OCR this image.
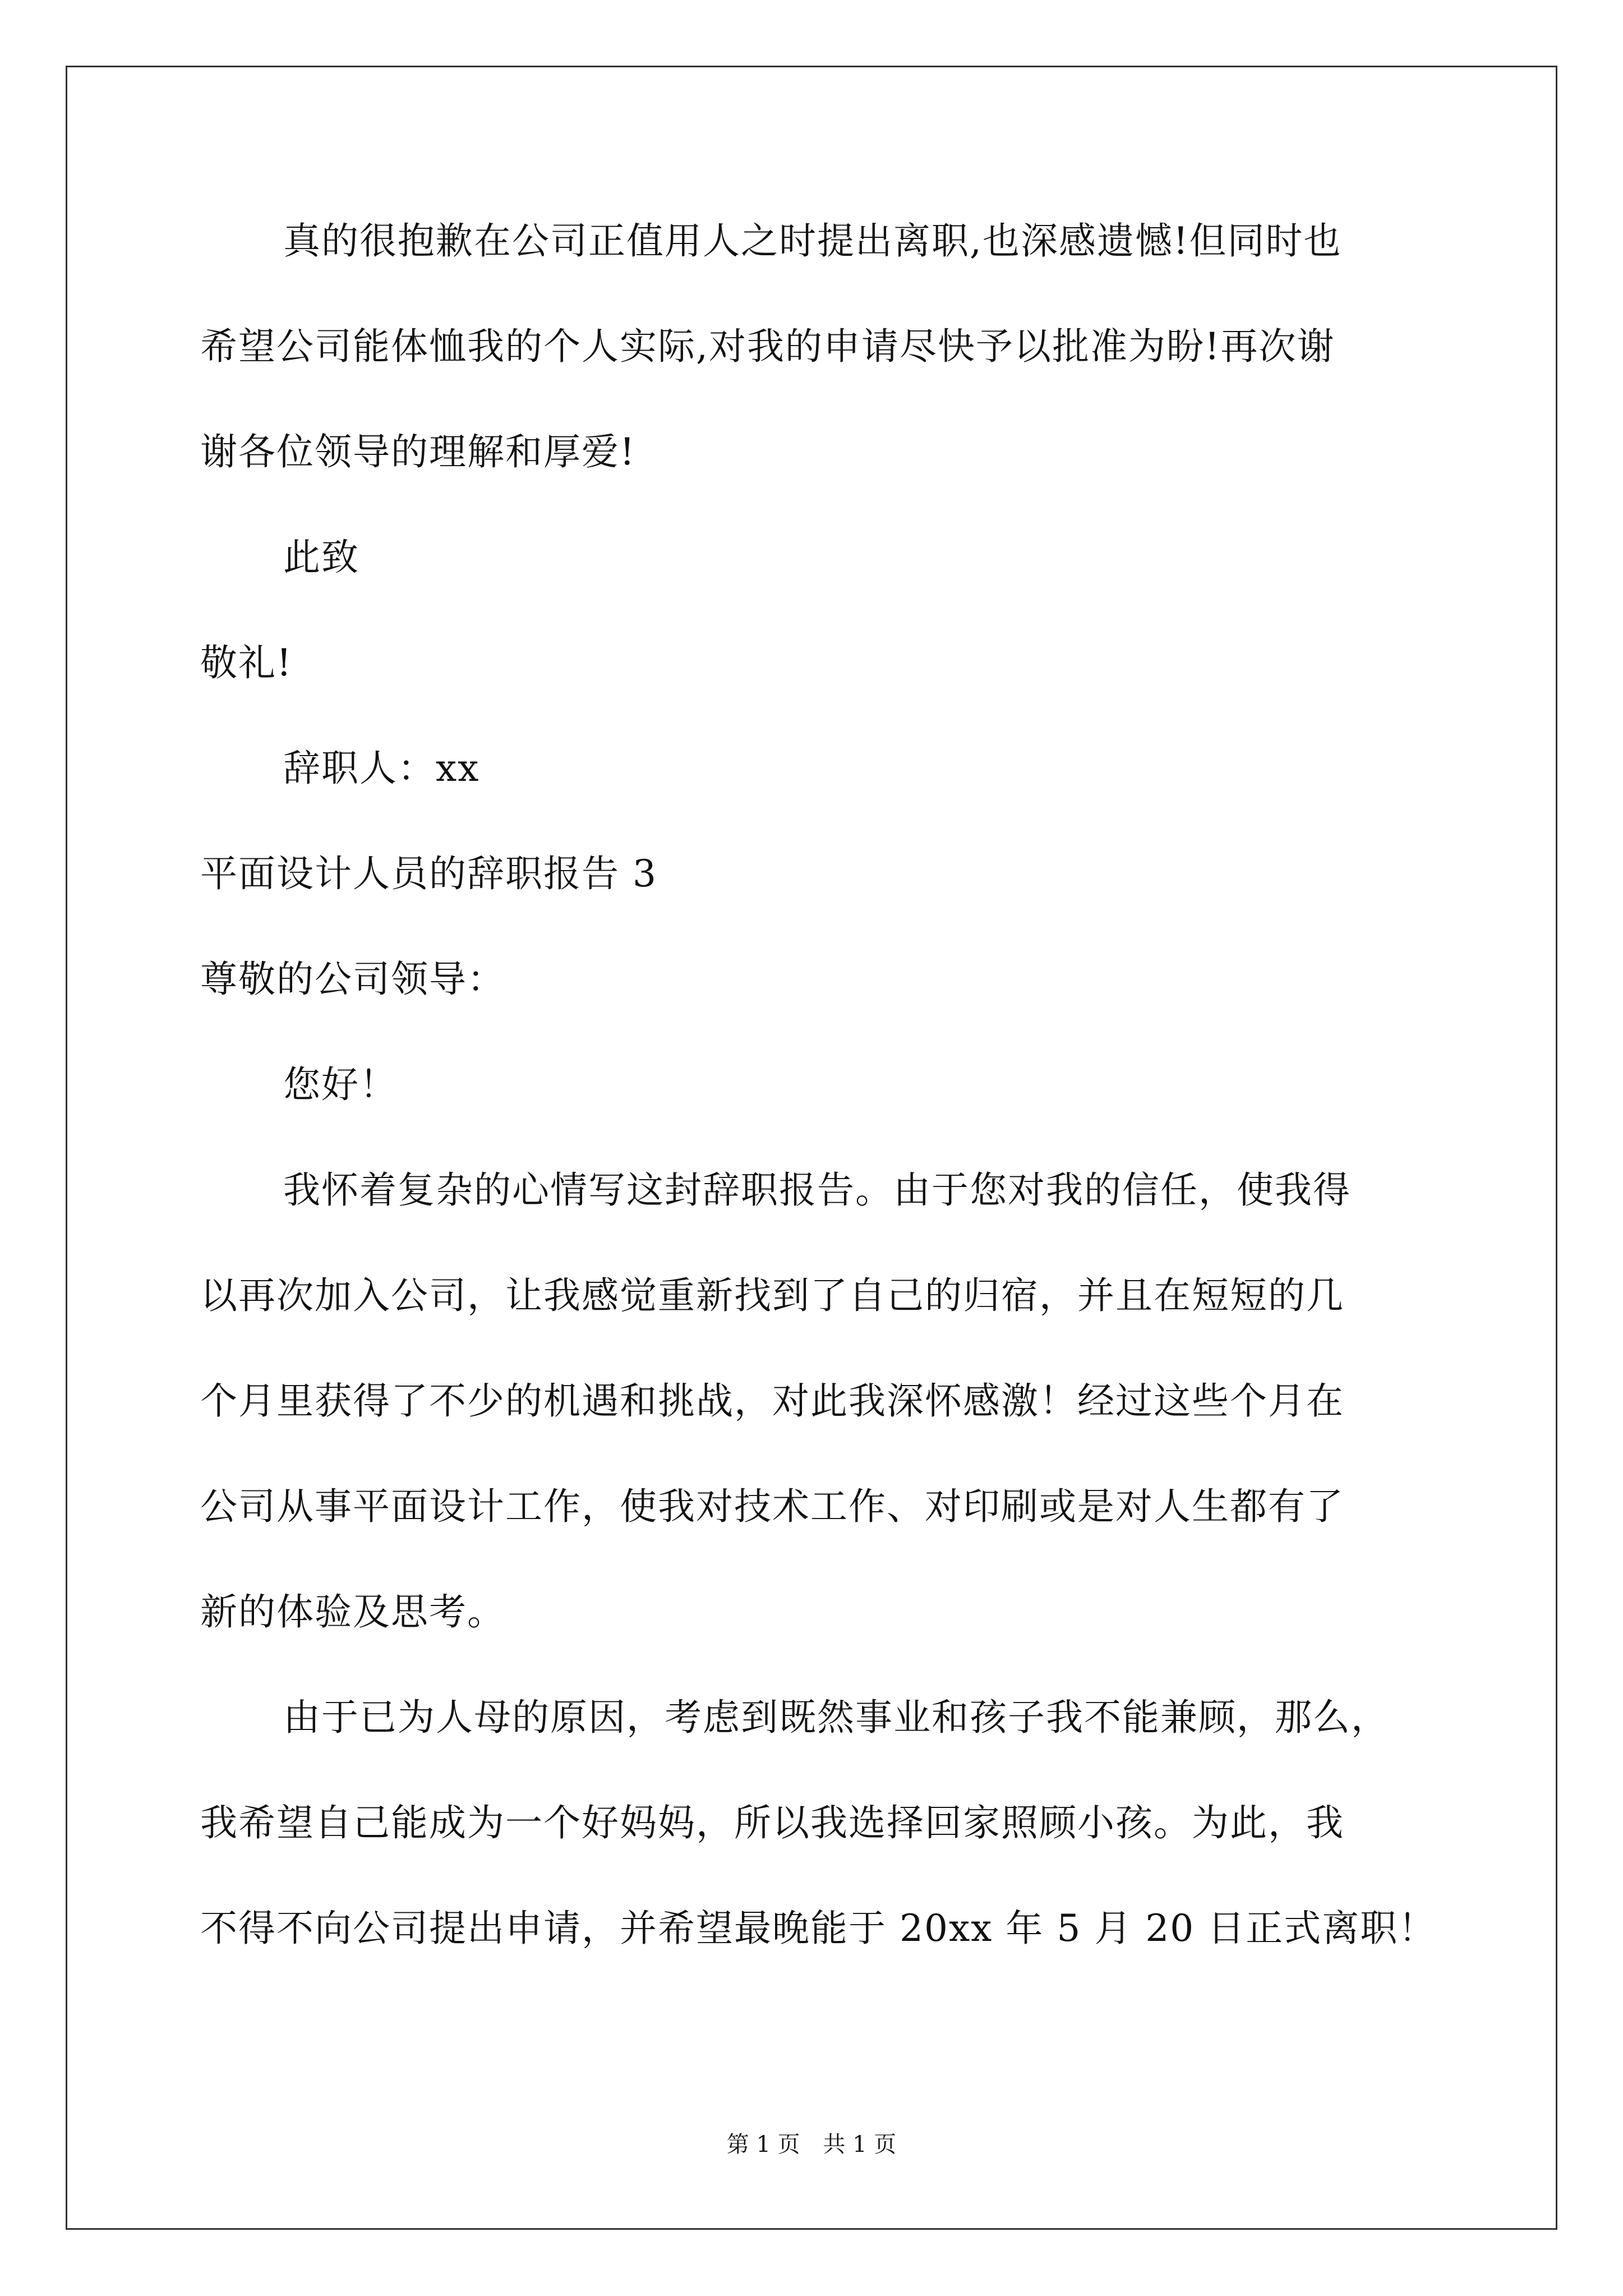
真的很抱歉在公司正值用人之时提出离职,也深感遗憾!但同时也
希望公司能体恤我的个人实际,对我的申请尽快予以批准为盼!再次谢
谢各位领导的理解和厚爱!
此致
敬礼!
辞职人：xx
平面设计人员的辞职报告 3
尊敬的公司领导：
您好！
我怀着复杂的心情写这封辞职报告。由于您对我的信任，使我得
以再次加入公司，让我感觉重新找到了自己的归宿，并且在短短的几
个月里获得了不少的机遇和挑战，对此我深怀感激！经过这些个月在
公司从事平面设计工作，使我对技术工作、对印刷或是对人生都有了
新的体验及思考。
由于已为人母的原因，考虑到既然事业和孩子我不能兼顾，那么，
我希望自己能成为一个好妈妈，所以我选择回家照顾小孩。为此，我
不得不向公司提出申请，并希望最晚能于 20xx 年 5 月 20 日正式离职！
第 1 页 共 1 页
